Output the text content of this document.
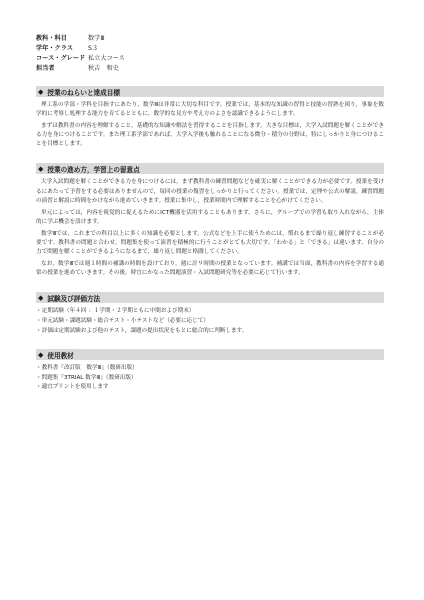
教科・科目	数学Ⅲ
学年・クラス	S３
コース・グレード 私立大コース
担当者	秋吉　和史
◆ 授業のねらいと達成目標

理工系の学部・学科を目指すにあたり，数学Ⅲは非常に大切な科目です。授業では，基本的な知識の習得と技能の習熟を図り，事象を数学的に考察し処理する能力を育てるとともに，数学的な見方や考え方のよさを認識できるようにします。

まずは教科書の内容を理解すること，基礎的な知識や解法を習得することを目指します。大きな目標は，大学入試問題を解くことができる力を身につけることです。また理工系学部であれば，大学入学後も触れることになる微分・積分の分野は，特にしっかりと身につけることを目標とします。

◆ 授業の進め方，学習上の留意点

大学入試問題を解くことができる力を身につけるには，まず教科書の練習問題などを確実に解くことができる力が必要です。授業を受けるにあたって予習をする必要はありませんので，毎回の授業の復習をしっかりと行ってください。授業では，定理や公式の解説，練習問題の演習と解説に時間をかけながら進めていきます。授業に集中し，授業時間内で理解することを心がけてください。

単元によっては，内容を視覚的に捉えるためにICT機器を活用することもあります。さらに，グループでの学習も取り入れながら，主体的に学ぶ機会を設けます。

数学Ⅲでは，これまでの科目以上に多くの知識を必要とします。公式などを上手に使うためには，慣れるまで繰り返し練習することが必要です。教科書の問題と合わせ，問題集を使って演習を積極的に行うことがとても大切です。「わかる」と「できる」は違います。自分の力で問題を解くことができるようになるまで，繰り返し問題と格闘してください。

なお，数学Ⅲでは週１時間の補講の時間を設けており，週に計９時間の授業となっています。補講では当面，教科書の内容を学習する通常の授業を進めていきます。その後，時宜にかなった問題演習・入試問題研究等を必要に応じて行います。

◆ 試験及び評価方法
・定期試験（年４回 ：１学期・２学期ともに中間および期末）
・単元試験・課題試験・総合テスト・小テストなど（必要に応じて）
・評価は定期試験および他のテスト，課題の提出状況をもとに総合的に判断します。
◆ 使用教材
・教科書『改訂版　数学Ⅲ』（数研出版）
・問題集『3TRIAL 数学Ⅲ』（数研出版）
・適宜プリントを使用します
